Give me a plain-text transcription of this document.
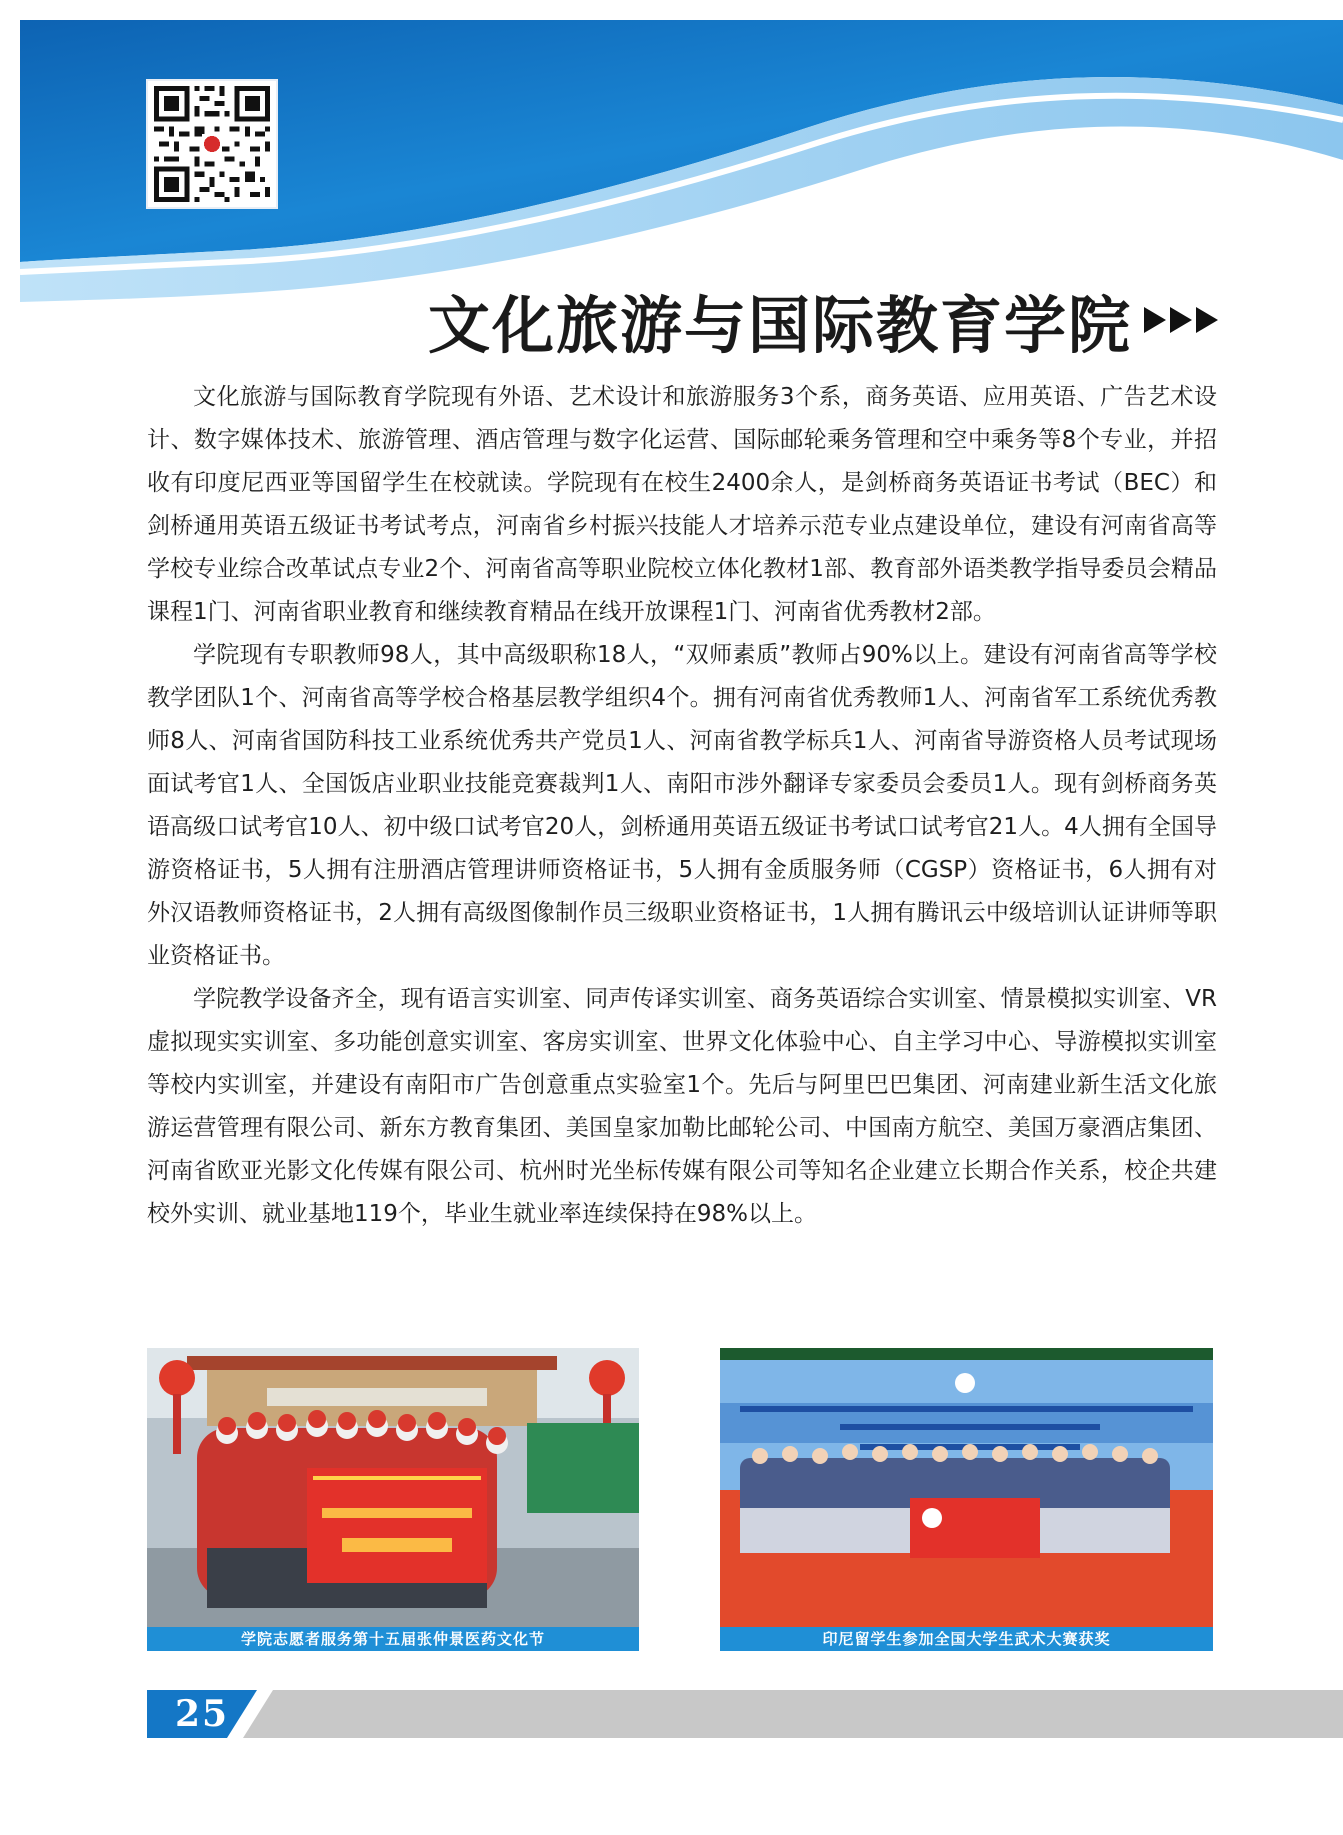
文化旅游与国际教育学院

文化旅游与国际教育学院现有外语、艺术设计和旅游服务3个系，商务英语、应用英语、广告艺术设计、数字媒体技术、旅游管理、酒店管理与数字化运营、国际邮轮乘务管理和空中乘务等8个专业，并招收有印度尼西亚等国留学生在校就读。学院现有在校生2400余人，是剑桥商务英语证书考试（BEC）和剑桥通用英语五级证书考试考点，河南省乡村振兴技能人才培养示范专业点建设单位，建设有河南省高等学校专业综合改革试点专业2个、河南省高等职业院校立体化教材1部、教育部外语类教学指导委员会精品课程1门、河南省职业教育和继续教育精品在线开放课程1门、河南省优秀教材2部。

学院现有专职教师98人，其中高级职称18人，“双师素质”教师占90%以上。建设有河南省高等学校教学团队1个、河南省高等学校合格基层教学组织4个。拥有河南省优秀教师1人、河南省军工系统优秀教师8人、河南省国防科技工业系统优秀共产党员1人、河南省教学标兵1人、河南省导游资格人员考试现场面试考官1人、全国饭店业职业技能竞赛裁判1人、南阳市涉外翻译专家委员会委员1人。现有剑桥商务英语高级口试考官10人、初中级口试考官20人，剑桥通用英语五级证书考试口试考官21人。4人拥有全国导游资格证书，5人拥有注册酒店管理讲师资格证书，5人拥有金质服务师（CGSP）资格证书，6人拥有对外汉语教师资格证书，2人拥有高级图像制作员三级职业资格证书，1人拥有腾讯云中级培训认证讲师等职业资格证书。

学院教学设备齐全，现有语言实训室、同声传译实训室、商务英语综合实训室、情景模拟实训室、VR虚拟现实实训室、多功能创意实训室、客房实训室、世界文化体验中心、自主学习中心、导游模拟实训室等校内实训室，并建设有南阳市广告创意重点实验室1个。先后与阿里巴巴集团、河南建业新生活文化旅游运营管理有限公司、新东方教育集团、美国皇家加勒比邮轮公司、中国南方航空、美国万豪酒店集团、河南省欧亚光影文化传媒有限公司、杭州时光坐标传媒有限公司等知名企业建立长期合作关系，校企共建校外实训、就业基地119个，毕业生就业率连续保持在98%以上。

学院志愿者服务第十五届张仲景医药文化节	印尼留学生参加全国大学生武术大赛获奖
25
